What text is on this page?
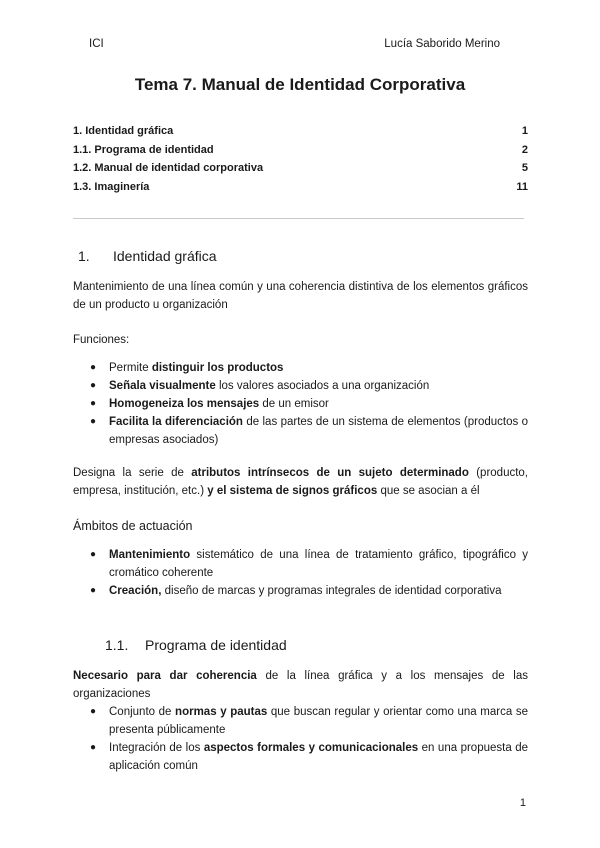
ICI	Lucía Saborido Merino
Tema 7. Manual de Identidad Corporativa
1. Identidad gráfica	1
1.1. Programa de identidad	2
1.2. Manual de identidad corporativa	5
1.3. Imaginería	11
1. Identidad gráfica
Mantenimiento de una línea común y una coherencia distintiva de los elementos gráficos de un producto u organización
Funciones:
● Permite distinguir los productos
● Señala visualmente los valores asociados a una organización
● Homogeneiza los mensajes de un emisor
● Facilita la diferenciación de las partes de un sistema de elementos (productos o empresas asociados)
Designa la serie de atributos intrínsecos de un sujeto determinado (producto, empresa, institución, etc.) y el sistema de signos gráficos que se asocian a él
Ámbitos de actuación
● Mantenimiento sistemático de una línea de tratamiento gráfico, tipográfico y cromático coherente
● Creación, diseño de marcas y programas integrales de identidad corporativa
1.1. Programa de identidad
Necesario para dar coherencia de la línea gráfica y a los mensajes de las organizaciones
● Conjunto de normas y pautas que buscan regular y orientar como una marca se presenta públicamente
● Integración de los aspectos formales y comunicacionales en una propuesta de aplicación común
1
